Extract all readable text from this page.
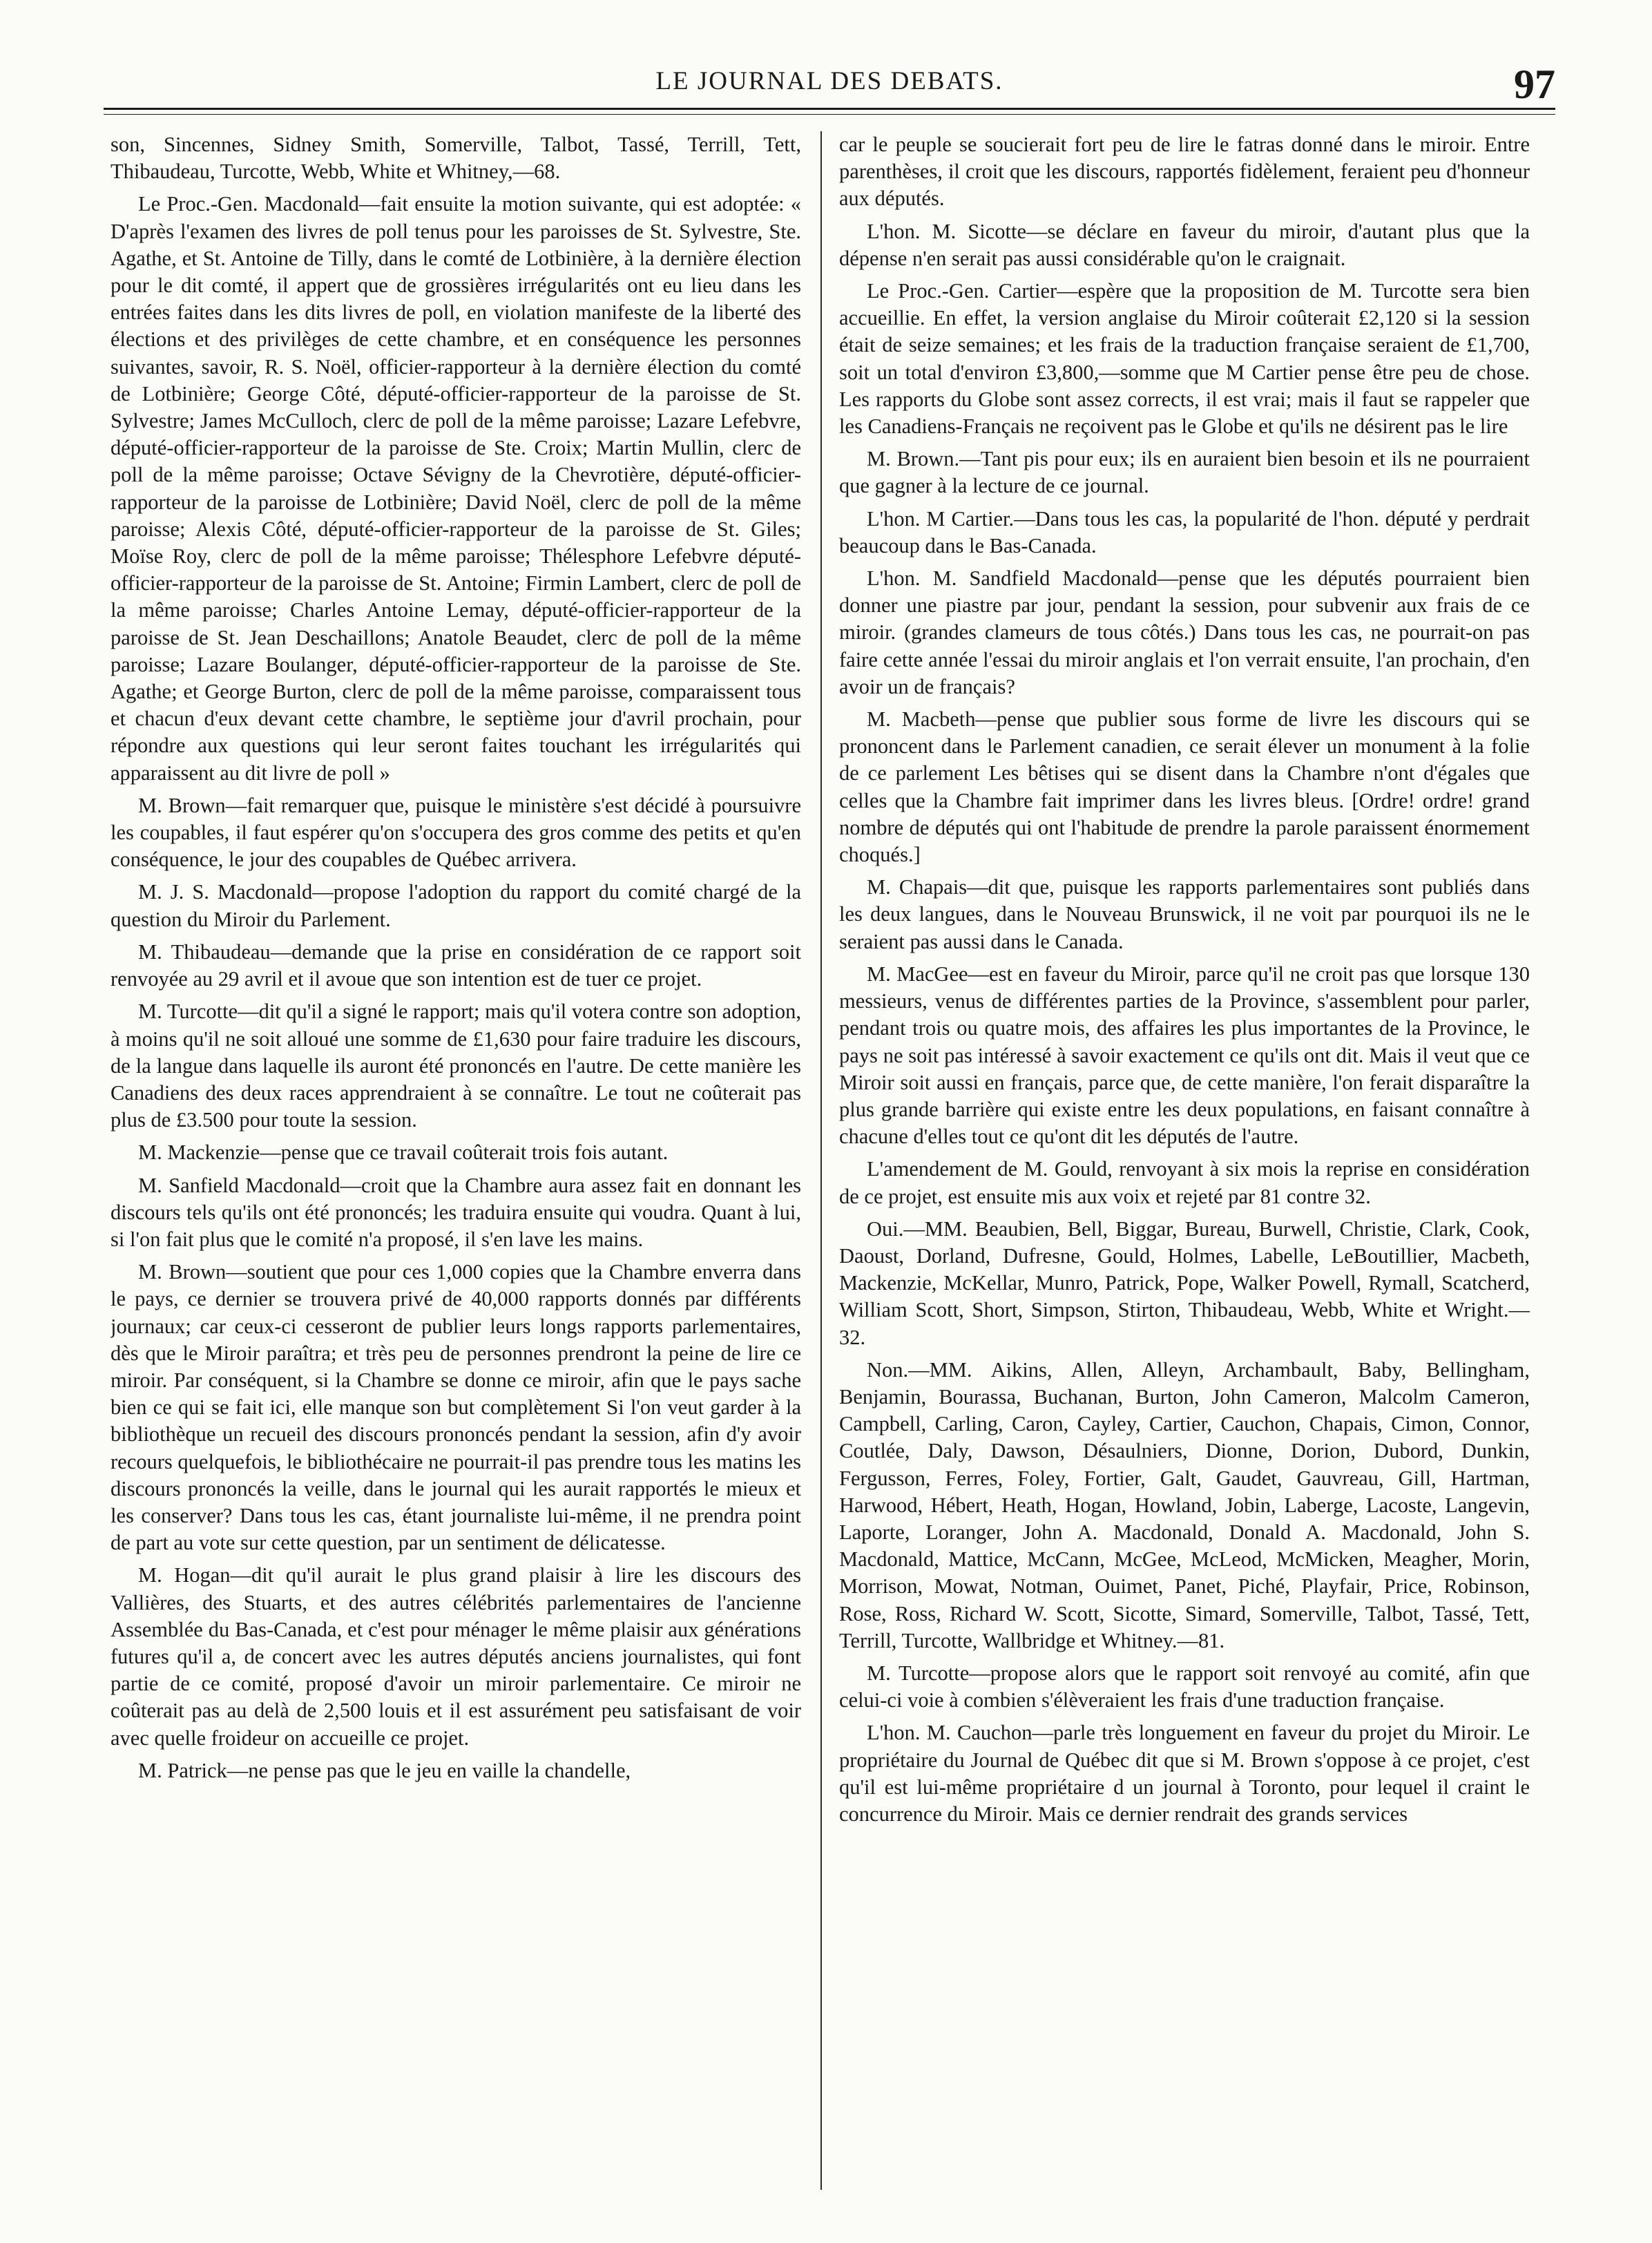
LE JOURNAL DES DEBATS.	97

son, Sincennes, Sidney Smith, Somerville, Talbot, Tassé, Terrill, Tett, Thibaudeau, Turcotte, Webb, White et Whitney,—68.

Le Proc.-Gen. Macdonald—fait ensuite la motion suivante, qui est adoptée: « D'après l'examen des livres de poll tenus pour les paroisses de St. Sylvestre, Ste. Agathe, et St. Antoine de Tilly, dans le comté de Lotbinière, à la dernière élection pour le dit comté, il appert que de grossières irrégularités ont eu lieu dans les entrées faites dans les dits livres de poll, en violation manifeste de la liberté des élections et des privilèges de cette chambre, et en conséquence les personnes suivantes, savoir, R. S. Noël, officier-rapporteur à la dernière élection du comté de Lotbinière; George Côté, député-officier-rapporteur de la paroisse de St. Sylvestre; James McCulloch, clerc de poll de la même paroisse; Lazare Lefebvre, député-officier-rapporteur de la paroisse de Ste. Croix; Martin Mullin, clerc de poll de la même paroisse; Octave Sévigny de la Chevrotière, député-officier-rapporteur de la paroisse de Lotbinière; David Noël, clerc de poll de la même paroisse; Alexis Côté, député-officier-rapporteur de la paroisse de St. Giles; Moïse Roy, clerc de poll de la même paroisse; Thélesphore Lefebvre député-officier-rapporteur de la paroisse de St. Antoine; Firmin Lambert, clerc de poll de la même paroisse; Charles Antoine Lemay, député-officier-rapporteur de la paroisse de St. Jean Deschaillons; Anatole Beaudet, clerc de poll de la même paroisse; Lazare Boulanger, député-officier-rapporteur de la paroisse de Ste. Agathe; et George Burton, clerc de poll de la même paroisse, comparaissent tous et chacun d'eux devant cette chambre, le septième jour d'avril prochain, pour répondre aux questions qui leur seront faites touchant les irrégularités qui apparaissent au dit livre de poll »

M. Brown—fait remarquer que, puisque le ministère s'est décidé à poursuivre les coupables, il faut espérer qu'on s'occupera des gros comme des petits et qu'en conséquence, le jour des coupables de Québec arrivera.

M. J. S. Macdonald—propose l'adoption du rapport du comité chargé de la question du Miroir du Parlement.

M. Thibaudeau—demande que la prise en considération de ce rapport soit renvoyée au 29 avril et il avoue que son intention est de tuer ce projet.

M. Turcotte—dit qu'il a signé le rapport; mais qu'il votera contre son adoption, à moins qu'il ne soit alloué une somme de £1,630 pour faire traduire les discours, de la langue dans laquelle ils auront été prononcés en l'autre. De cette manière les Canadiens des deux races apprendraient à se connaître. Le tout ne coûterait pas plus de £3.500 pour toute la session.

M. Mackenzie—pense que ce travail coûterait trois fois autant.

M. Sanfield Macdonald—croit que la Chambre aura assez fait en donnant les discours tels qu'ils ont été prononcés; les traduira ensuite qui voudra. Quant à lui, si l'on fait plus que le comité n'a proposé, il s'en lave les mains.

M. Brown—soutient que pour ces 1,000 copies que la Chambre enverra dans le pays, ce dernier se trouvera privé de 40,000 rapports donnés par différents journaux; car ceux-ci cesseront de publier leurs longs rapports parlementaires, dès que le Miroir paraîtra; et très peu de personnes prendront la peine de lire ce miroir. Par conséquent, si la Chambre se donne ce miroir, afin que le pays sache bien ce qui se fait ici, elle manque son but complètement Si l'on veut garder à la bibliothèque un recueil des discours prononcés pendant la session, afin d'y avoir recours quelquefois, le bibliothécaire ne pourrait-il pas prendre tous les matins les discours prononcés la veille, dans le journal qui les aurait rapportés le mieux et les conserver? Dans tous les cas, étant journaliste lui-même, il ne prendra point de part au vote sur cette question, par un sentiment de délicatesse.

M. Hogan—dit qu'il aurait le plus grand plaisir à lire les discours des Vallières, des Stuarts, et des autres célébrités parlementaires de l'ancienne Assemblée du Bas-Canada, et c'est pour ménager le même plaisir aux générations futures qu'il a, de concert avec les autres députés anciens journalistes, qui font partie de ce comité, proposé d'avoir un miroir parlementaire. Ce miroir ne coûterait pas au delà de 2,500 louis et il est assurément peu satisfaisant de voir avec quelle froideur on accueille ce projet.

M. Patrick—ne pense pas que le jeu en vaille la chandelle,

car le peuple se soucierait fort peu de lire le fatras donné dans le miroir. Entre parenthèses, il croit que les discours, rapportés fidèlement, feraient peu d'honneur aux députés.

L'hon. M. Sicotte—se déclare en faveur du miroir, d'autant plus que la dépense n'en serait pas aussi considérable qu'on le craignait.

Le Proc.-Gen. Cartier—espère que la proposition de M. Turcotte sera bien accueillie. En effet, la version anglaise du Miroir coûterait £2,120 si la session était de seize semaines; et les frais de la traduction française seraient de £1,700, soit un total d'environ £3,800,—somme que M Cartier pense être peu de chose. Les rapports du Globe sont assez corrects, il est vrai; mais il faut se rappeler que les Canadiens-Français ne reçoivent pas le Globe et qu'ils ne désirent pas le lire

M. Brown.—Tant pis pour eux; ils en auraient bien besoin et ils ne pourraient que gagner à la lecture de ce journal.

L'hon. M Cartier.—Dans tous les cas, la popularité de l'hon. député y perdrait beaucoup dans le Bas-Canada.

L'hon. M. Sandfield Macdonald—pense que les députés pourraient bien donner une piastre par jour, pendant la session, pour subvenir aux frais de ce miroir. (grandes clameurs de tous côtés.) Dans tous les cas, ne pourrait-on pas faire cette année l'essai du miroir anglais et l'on verrait ensuite, l'an prochain, d'en avoir un de français?

M. Macbeth—pense que publier sous forme de livre les discours qui se prononcent dans le Parlement canadien, ce serait élever un monument à la folie de ce parlement Les bêtises qui se disent dans la Chambre n'ont d'égales que celles que la Chambre fait imprimer dans les livres bleus. [Ordre! ordre! grand nombre de députés qui ont l'habitude de prendre la parole paraissent énormement choqués.]

M. Chapais—dit que, puisque les rapports parlementaires sont publiés dans les deux langues, dans le Nouveau Brunswick, il ne voit par pourquoi ils ne le seraient pas aussi dans le Canada.

M. MacGee—est en faveur du Miroir, parce qu'il ne croit pas que lorsque 130 messieurs, venus de différentes parties de la Province, s'assemblent pour parler, pendant trois ou quatre mois, des affaires les plus importantes de la Province, le pays ne soit pas intéressé à savoir exactement ce qu'ils ont dit. Mais il veut que ce Miroir soit aussi en français, parce que, de cette manière, l'on ferait disparaître la plus grande barrière qui existe entre les deux populations, en faisant connaître à chacune d'elles tout ce qu'ont dit les députés de l'autre.

L'amendement de M. Gould, renvoyant à six mois la reprise en considération de ce projet, est ensuite mis aux voix et rejeté par 81 contre 32.

Oui.—MM. Beaubien, Bell, Biggar, Bureau, Burwell, Christie, Clark, Cook, Daoust, Dorland, Dufresne, Gould, Holmes, Labelle, LeBoutillier, Macbeth, Mackenzie, McKellar, Munro, Patrick, Pope, Walker Powell, Rymall, Scatcherd, William Scott, Short, Simpson, Stirton, Thibaudeau, Webb, White et Wright.—32.

Non.—MM. Aikins, Allen, Alleyn, Archambault, Baby, Bellingham, Benjamin, Bourassa, Buchanan, Burton, John Cameron, Malcolm Cameron, Campbell, Carling, Caron, Cayley, Cartier, Cauchon, Chapais, Cimon, Connor, Coutlée, Daly, Dawson, Désaulniers, Dionne, Dorion, Dubord, Dunkin, Fergusson, Ferres, Foley, Fortier, Galt, Gaudet, Gauvreau, Gill, Hartman, Harwood, Hébert, Heath, Hogan, Howland, Jobin, Laberge, Lacoste, Langevin, Laporte, Loranger, John A. Macdonald, Donald A. Macdonald, John S. Macdonald, Mattice, McCann, McGee, McLeod, McMicken, Meagher, Morin, Morrison, Mowat, Notman, Ouimet, Panet, Piché, Playfair, Price, Robinson, Rose, Ross, Richard W. Scott, Sicotte, Simard, Somerville, Talbot, Tassé, Tett, Terrill, Turcotte, Wallbridge et Whitney.—81.

M. Turcotte—propose alors que le rapport soit renvoyé au comité, afin que celui-ci voie à combien s'élèveraient les frais d'une traduction française.

L'hon. M. Cauchon—parle très longuement en faveur du projet du Miroir. Le propriétaire du Journal de Québec dit que si M. Brown s'oppose à ce projet, c'est qu'il est lui-même propriétaire d un journal à Toronto, pour lequel il craint le concurrence du Miroir. Mais ce dernier rendrait des grands services
